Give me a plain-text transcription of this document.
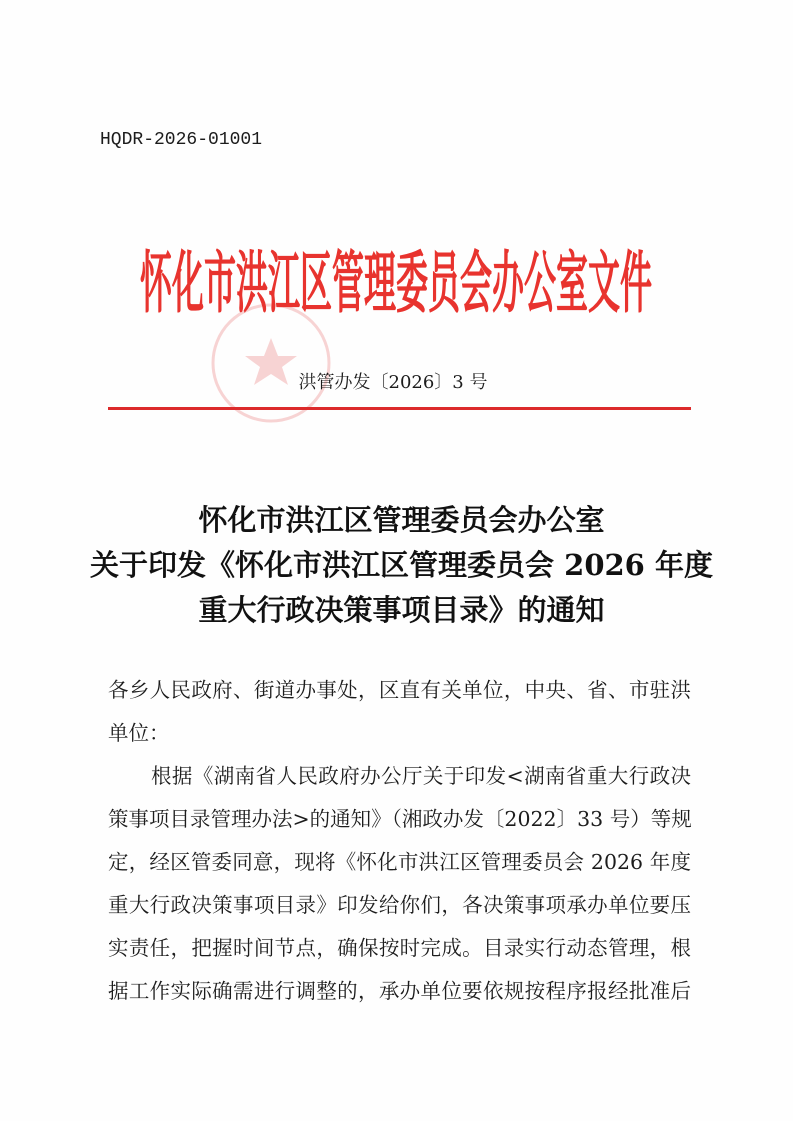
HQDR-2026-01001
怀化市洪江区管理委员会办公室文件
洪管办发〔2026〕3 号
怀化市洪江区管理委员会办公室
关于印发《怀化市洪江区管理委员会 2026 年度
重大行政决策事项目录》的通知
各乡人民政府、街道办事处，区直有关单位，中央、省、市驻洪
单位：
根据《湖南省人民政府办公厅关于印发<湖南省重大行政决
策事项目录管理办法>的通知》（湘政办发〔2022〕33 号）等规
定，经区管委同意，现将《怀化市洪江区管理委员会 2026 年度
重大行政决策事项目录》印发给你们，各决策事项承办单位要压
实责任，把握时间节点，确保按时完成。目录实行动态管理，根
据工作实际确需进行调整的，承办单位要依规按程序报经批准后
